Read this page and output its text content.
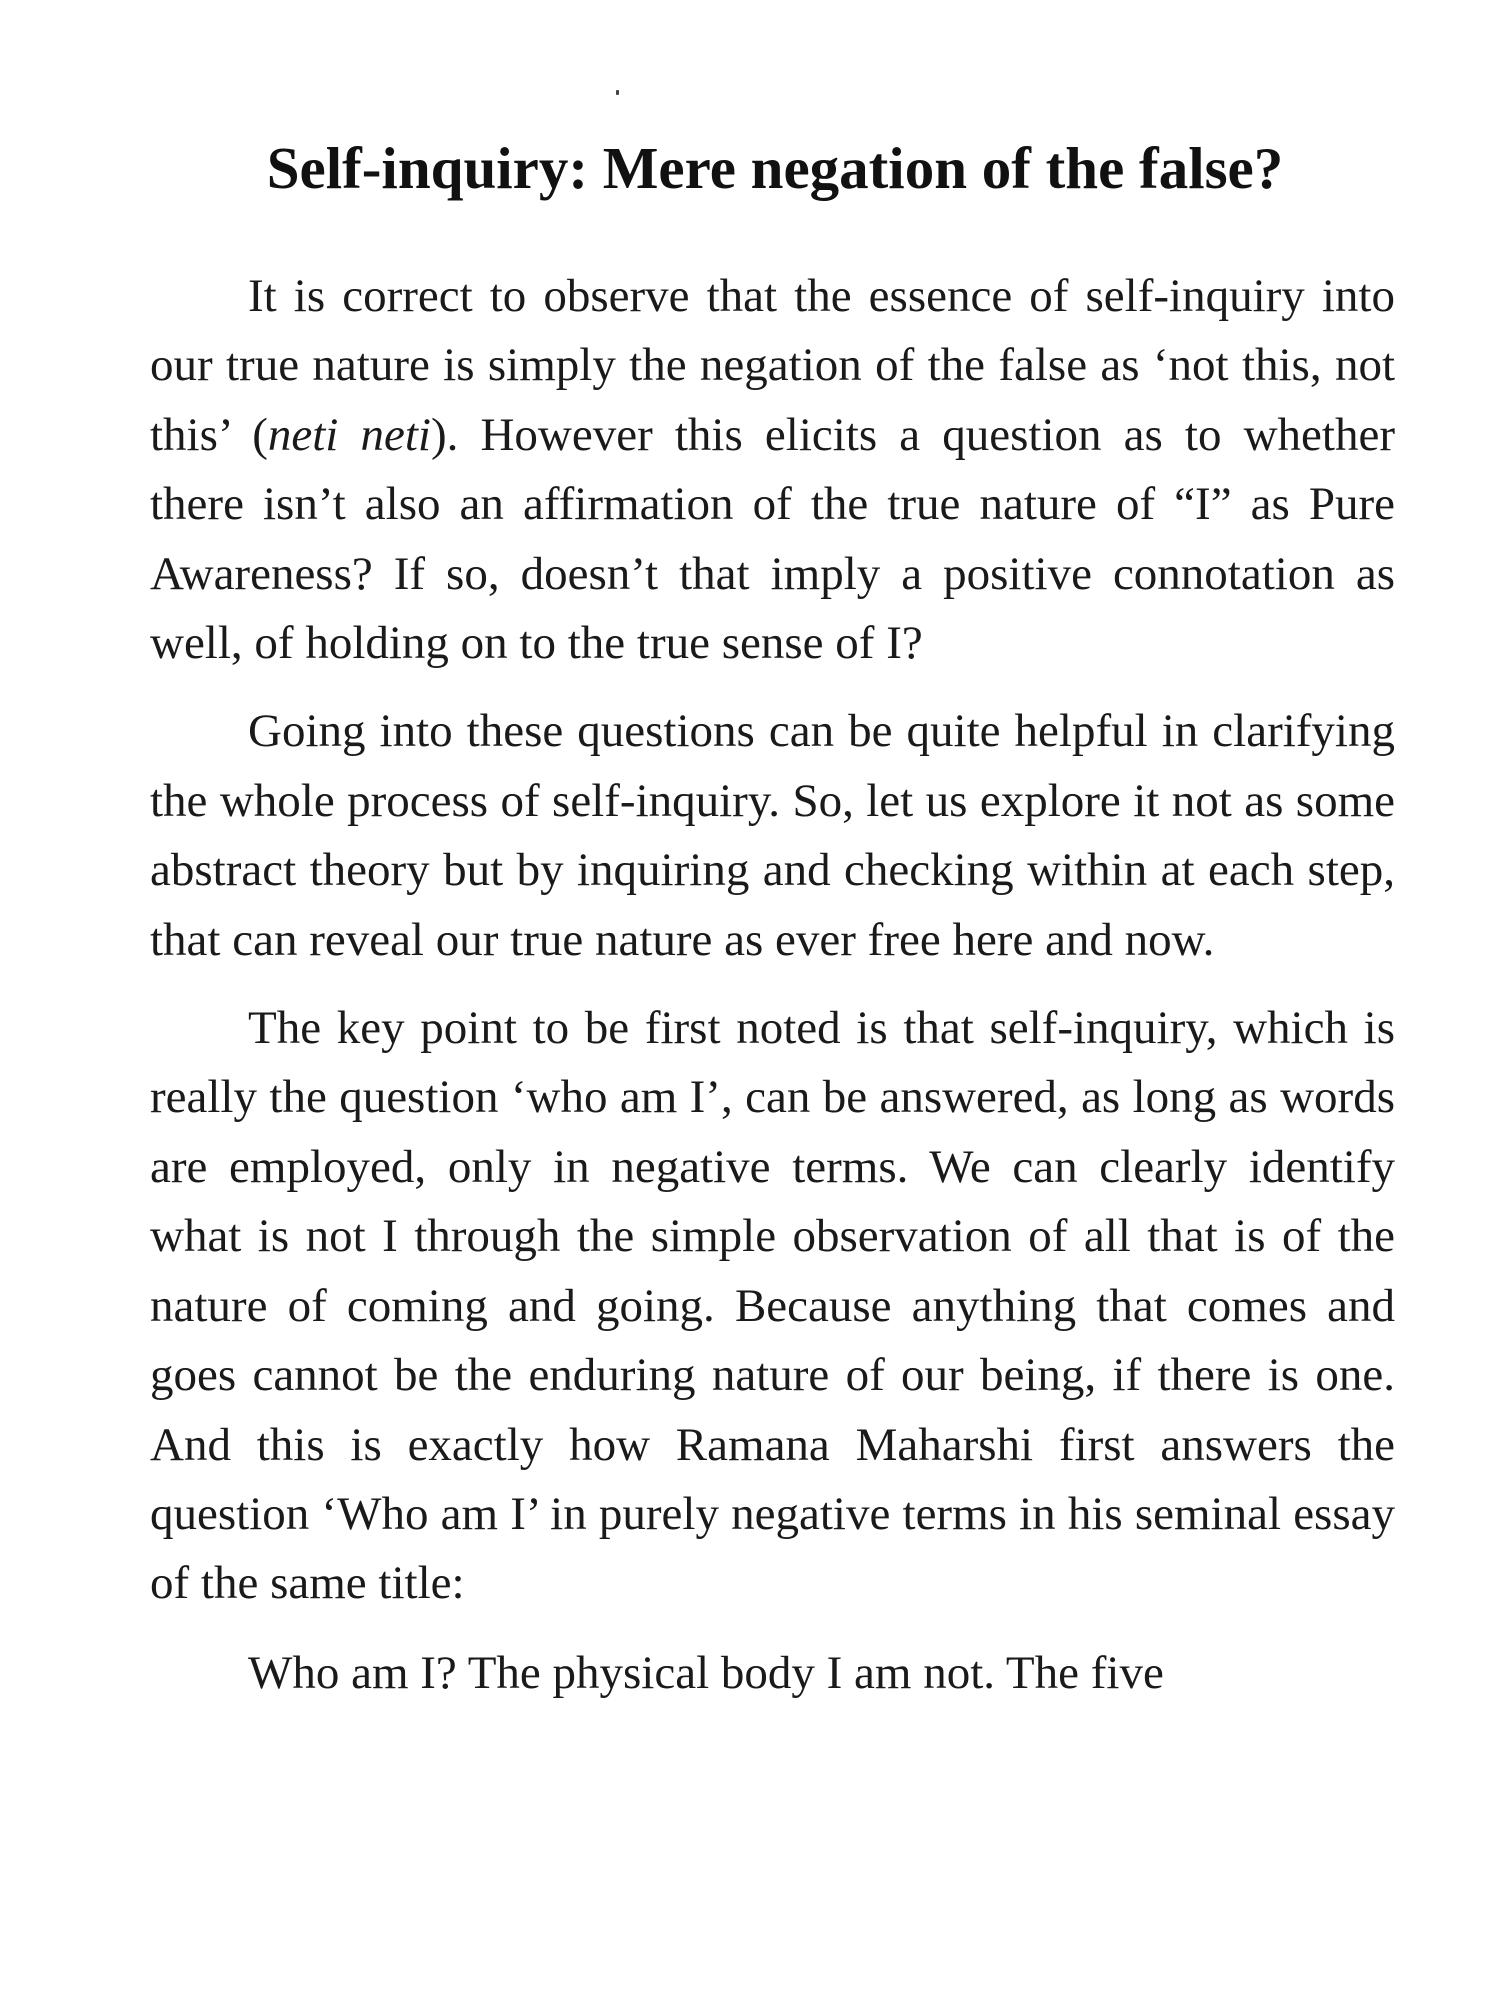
Self-inquiry: Mere negation of the false?

It is correct to observe that the essence of self-inquiry into our true nature is simply the negation of the false as ‘not this, not this’ (neti neti). However this elicits a question as to whether there isn’t also an affirmation of the true nature of “I” as Pure Awareness? If so, doesn’t that imply a positive connotation as well, of holding on to the true sense of I?

Going into these questions can be quite helpful in clarifying the whole process of self-inquiry. So, let us explore it not as some abstract theory but by inquiring and checking within at each step, that can reveal our true nature as ever free here and now.

The key point to be first noted is that self-inquiry, which is really the question ‘who am I’, can be answered, as long as words are employed, only in negative terms. We can clearly identify what is not I through the simple observation of all that is of the nature of coming and going. Because anything that comes and goes cannot be the enduring nature of our being, if there is one. And this is exactly how Ramana Maharshi first answers the question ‘Who am I’ in purely negative terms in his seminal essay of the same title:

Who am I? The physical body I am not. The five
